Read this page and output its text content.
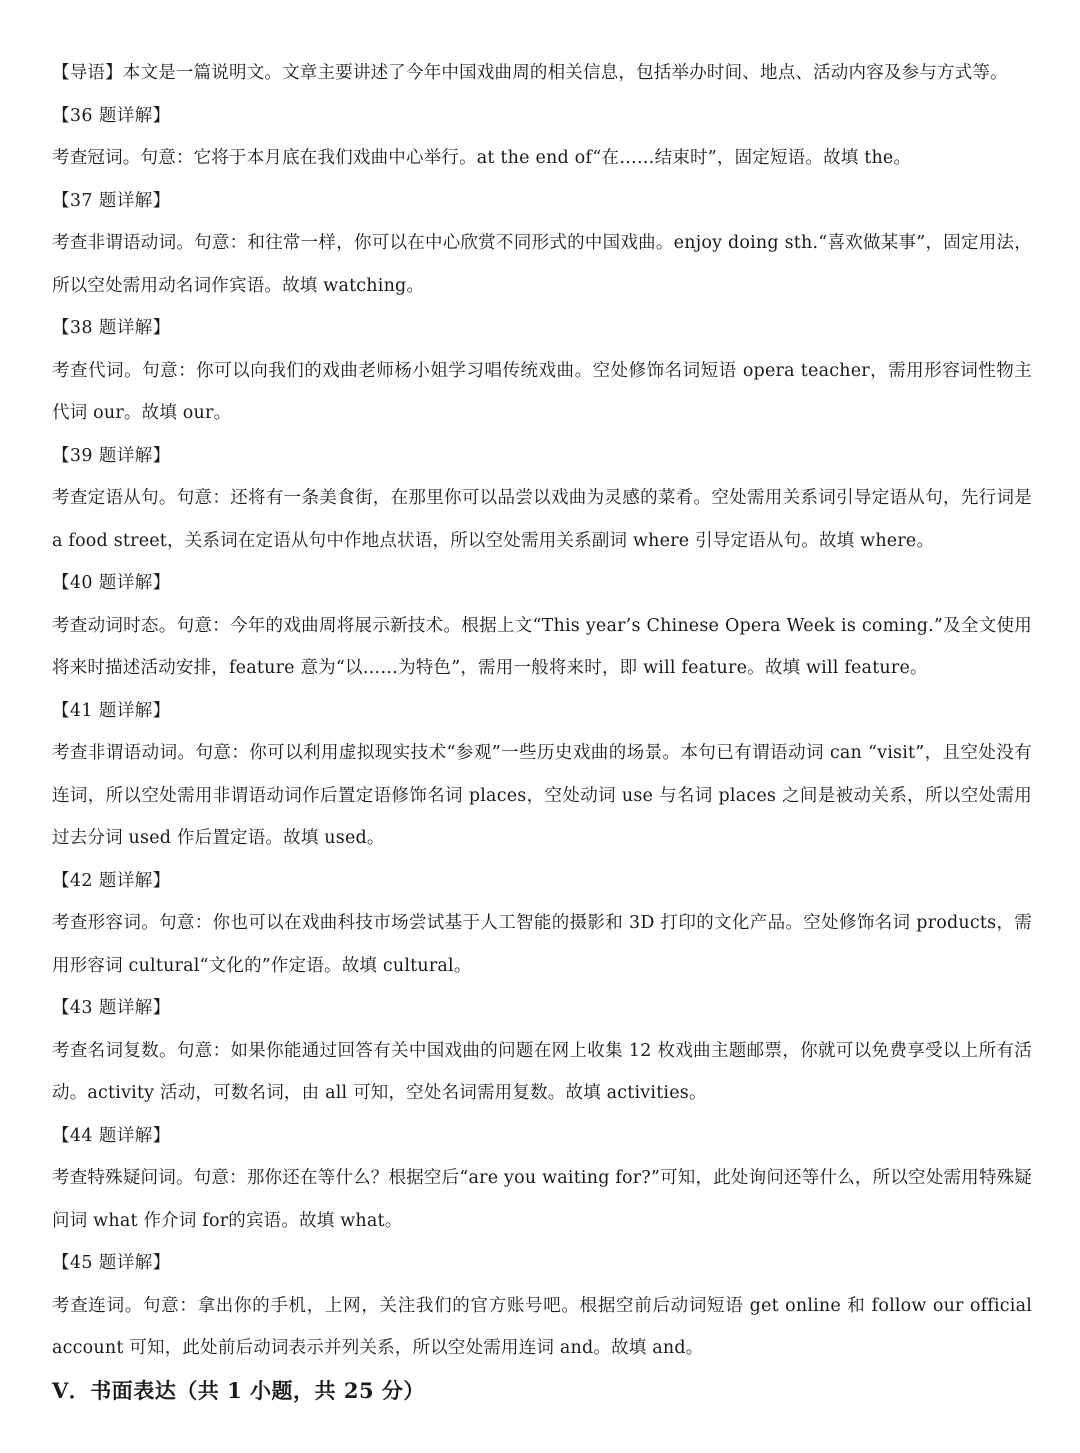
【导语】本文是一篇说明文。文章主要讲述了今年中国戏曲周的相关信息，包括举办时间、地点、活动内容及参与方式等。

【36 题详解】

考查冠词。句意：它将于本月底在我们戏曲中心举行。at the end of“在……结束时”，固定短语。故填 the。

【37 题详解】

考查非谓语动词。句意：和往常一样，你可以在中心欣赏不同形式的中国戏曲。enjoy doing sth.“喜欢做某事”，固定用法，所以空处需用动名词作宾语。故填 watching。

【38 题详解】

考查代词。句意：你可以向我们的戏曲老师杨小姐学习唱传统戏曲。空处修饰名词短语 opera teacher，需用形容词性物主代词 our。故填 our。

【39 题详解】

考查定语从句。句意：还将有一条美食街，在那里你可以品尝以戏曲为灵感的菜肴。空处需用关系词引导定语从句，先行词是 a food street，关系词在定语从句中作地点状语，所以空处需用关系副词 where 引导定语从句。故填 where。

【40 题详解】

考查动词时态。句意：今年的戏曲周将展示新技术。根据上文“This year’s Chinese Opera Week is coming.”及全文使用将来时描述活动安排，feature 意为“以……为特色”，需用一般将来时，即 will feature。故填 will feature。

【41 题详解】

考查非谓语动词。句意：你可以利用虚拟现实技术“参观”一些历史戏曲的场景。本句已有谓语动词 can “visit”，且空处没有连词，所以空处需用非谓语动词作后置定语修饰名词 places，空处动词 use 与名词 places 之间是被动关系，所以空处需用过去分词 used 作后置定语。故填 used。

【42 题详解】

考查形容词。句意：你也可以在戏曲科技市场尝试基于人工智能的摄影和 3D 打印的文化产品。空处修饰名词 products，需用形容词 cultural“文化的”作定语。故填 cultural。

【43 题详解】

考查名词复数。句意：如果你能通过回答有关中国戏曲的问题在网上收集 12 枚戏曲主题邮票，你就可以免费享受以上所有活动。activity 活动，可数名词，由 all 可知，空处名词需用复数。故填 activities。

【44 题详解】

考查特殊疑问词。句意：那你还在等什么？根据空后“are you waiting for?”可知，此处询问还等什么，所以空处需用特殊疑问词 what 作介词 for的宾语。故填 what。

【45 题详解】

考查连词。句意：拿出你的手机，上网，关注我们的官方账号吧。根据空前后动词短语 get online 和 follow our official account 可知，此处前后动词表示并列关系，所以空处需用连词 and。故填 and。

V．书面表达（共 1 小题，共 25 分）
